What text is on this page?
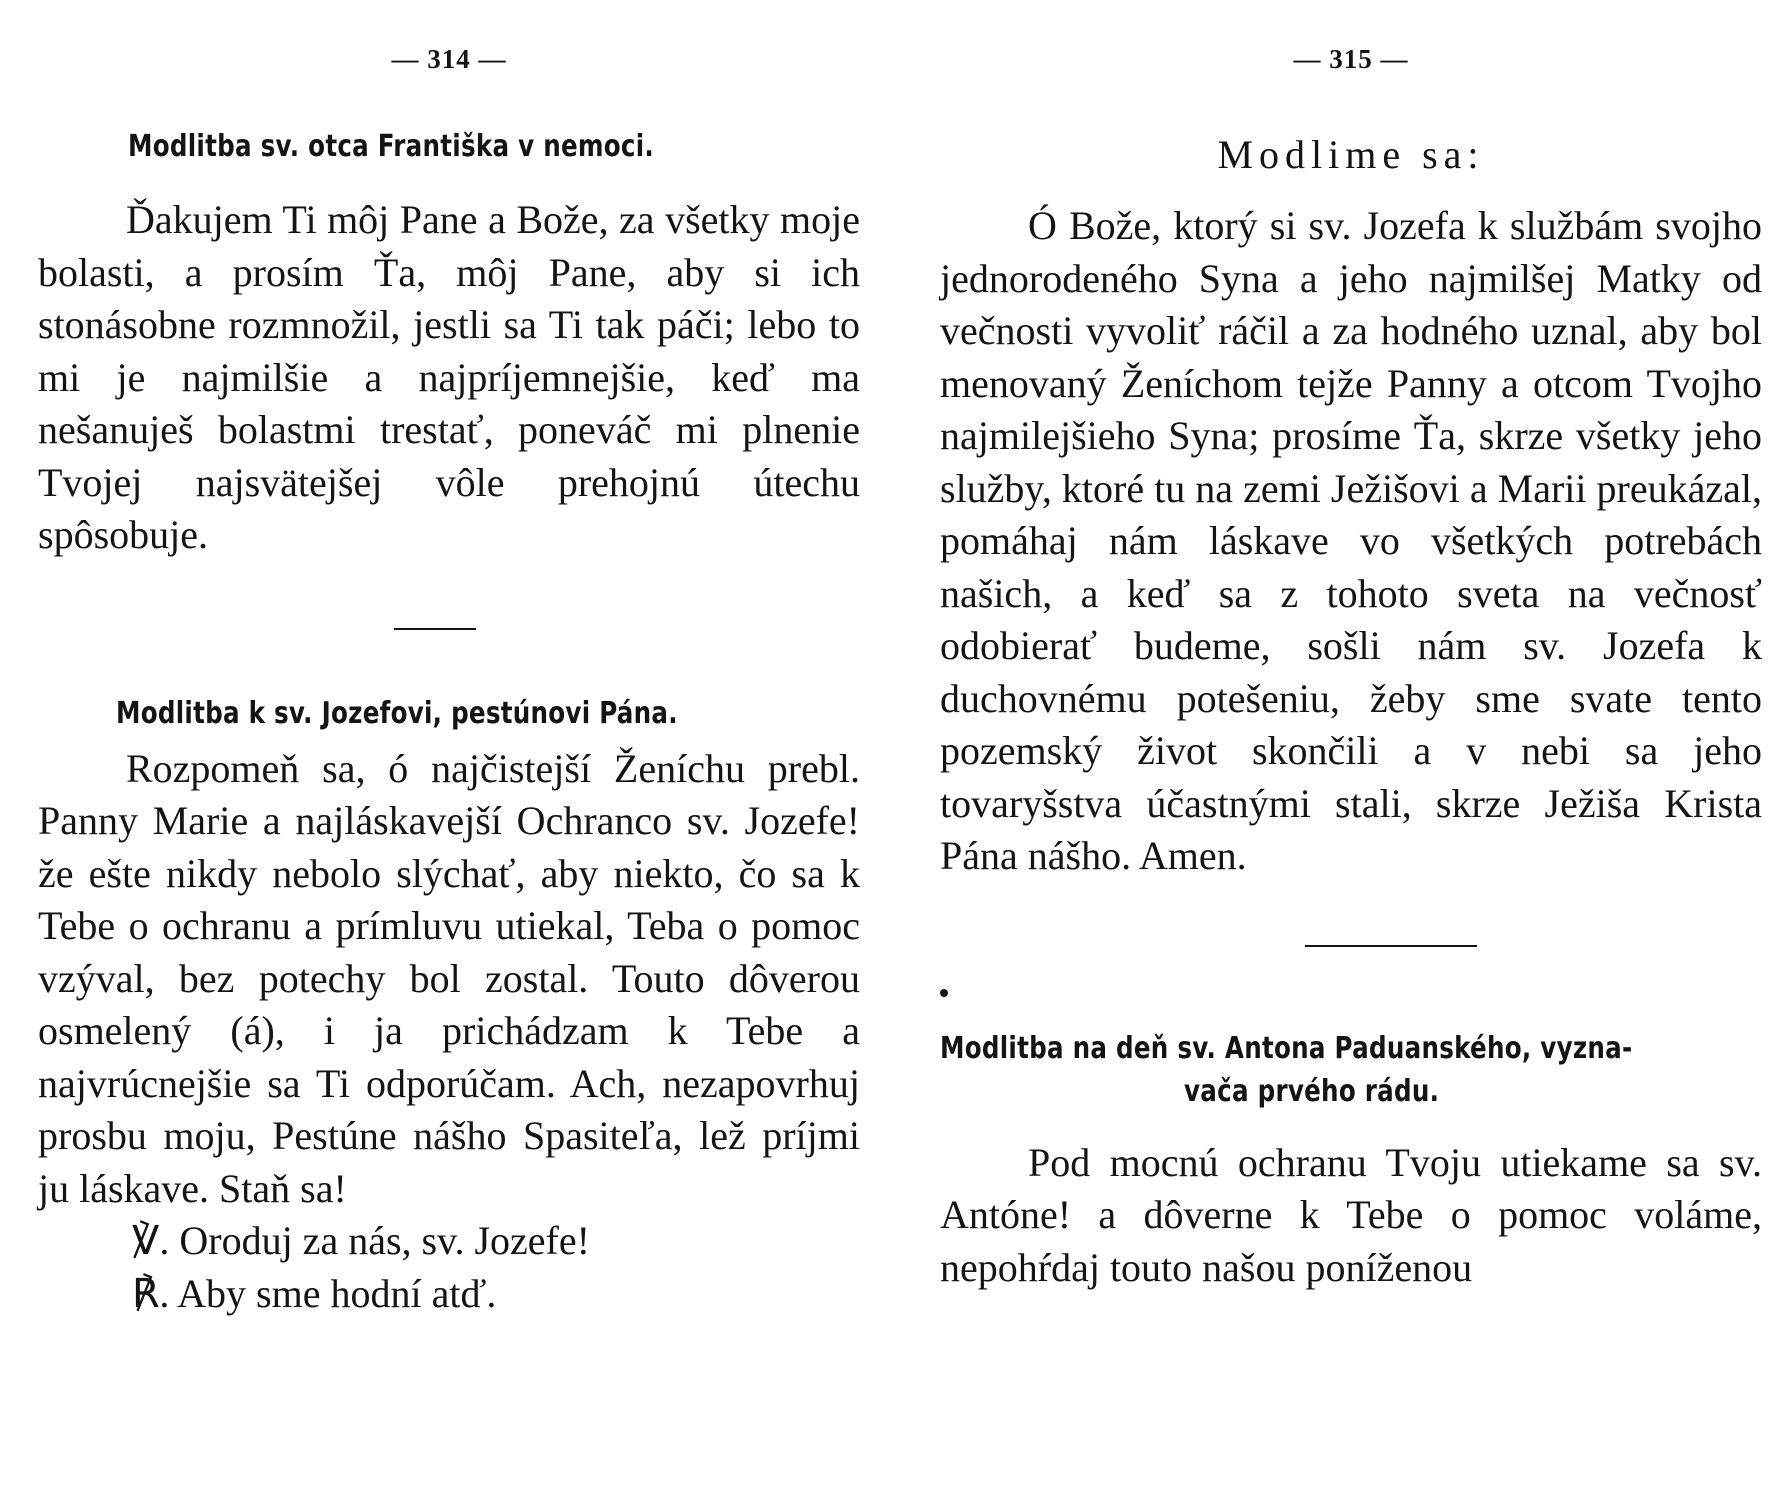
— 314 —
Modlitba sv. otca Františka v nemoci.

Ďakujem Ti môj Pane a Bože, za všetky moje bolasti, a prosím Ťa, môj Pane, aby si ich stonásobne rozmnožil, jestli sa Ti tak páči; lebo to mi je najmilšie a najpríjemnejšie, keď ma nešanuješ bolastmi trestať, poneváč mi plnenie Tvojej najsvätejšej vôle prehojnú útechu spôsobuje.

Modlitba k sv. Jozefovi, pestúnovi Pána.

Rozpomeň sa, ó najčistejší Ženíchu prebl. Panny Marie a najláskavejší Ochranco sv. Jozefe! že ešte nikdy nebolo slýchať, aby niekto, čo sa k Tebe o ochranu a prímluvu utiekal, Teba o pomoc vzýval, bez potechy bol zostal. Touto dôverou osmelený (á), i ja prichádzam k Tebe a najvrúcnejšie sa Ti odporúčam. Ach, nezapovrhuj prosbu moju, Pestúne nášho Spasiteľa, lež príjmi ju láskave. Staň sa!

℣. Oroduj za nás, sv. Jozefe!
℟. Aby sme hodní atď.
— 315 —
Modlime sa:

Ó Bože, ktorý si sv. Jozefa k službám svojho jednorodeného Syna a jeho najmilšej Matky od večnosti vyvoliť ráčil a za hodného uznal, aby bol menovaný Ženíchom tejže Panny a otcom Tvojho najmilejšieho Syna; prosíme Ťa, skrze všetky jeho služby, ktoré tu na zemi Ježišovi a Marii preukázal, pomáhaj nám láskave vo všetkých potrebách našich, a keď sa z tohoto sveta na večnosť odobierať budeme, sošli nám sv. Jozefa k duchovnému potešeniu, žeby sme svate tento pozemský život skončili a v nebi sa jeho tovaryšstva účastnými stali, skrze Ježiša Krista Pána nášho. Amen.

Modlitba na deň sv. Antona Paduanského, vyzna-
vača prvého rádu.

Pod mocnú ochranu Tvoju utiekame sa sv. Antóne! a dôverne k Tebe o pomoc voláme, nepohŕdaj touto našou poníženou
